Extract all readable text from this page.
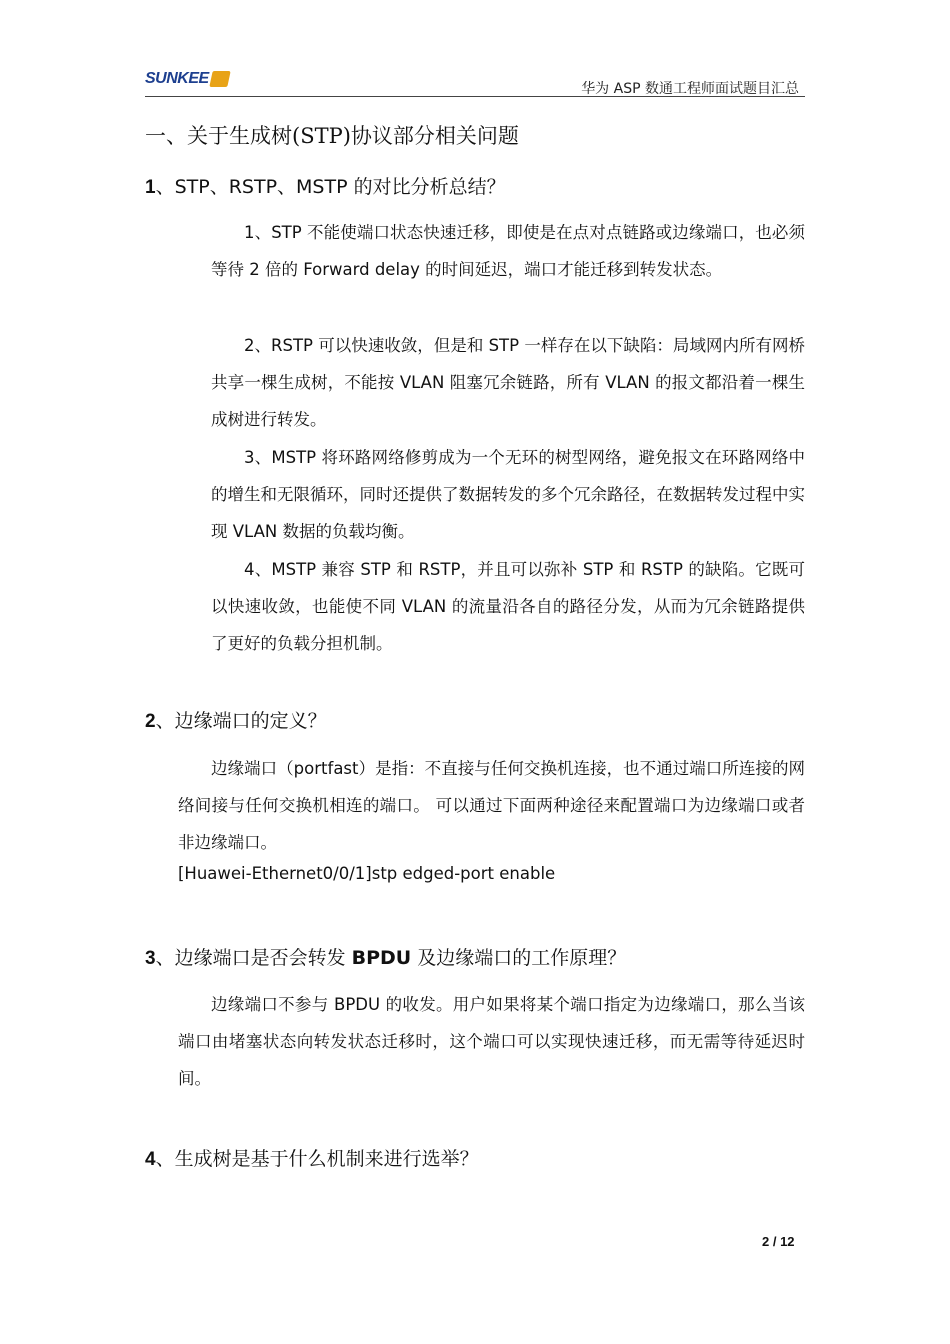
SUNKEE
华为 ASP 数通工程师面试题目汇总
一、关于生成树(STP)协议部分相关问题
1、STP、RSTP、MSTP 的对比分析总结？

1、STP 不能使端口状态快速迁移，即使是在点对点链路或边缘端口，也必须等待 2 倍的 Forward delay 的时间延迟，端口才能迁移到转发状态。

2、RSTP 可以快速收敛，但是和 STP 一样存在以下缺陷：局域网内所有网桥共享一棵生成树，不能按 VLAN 阻塞冗余链路，所有 VLAN 的报文都沿着一棵生成树进行转发。

3、MSTP 将环路网络修剪成为一个无环的树型网络，避免报文在环路网络中的增生和无限循环，同时还提供了数据转发的多个冗余路径，在数据转发过程中实现 VLAN 数据的负载均衡。

4、MSTP 兼容 STP 和 RSTP，并且可以弥补 STP 和 RSTP 的缺陷。它既可以快速收敛，也能使不同 VLAN 的流量沿各自的路径分发，从而为冗余链路提供了更好的负载分担机制。

2、边缘端口的定义？

边缘端口（portfast）是指：不直接与任何交换机连接，也不通过端口所连接的网络间接与任何交换机相连的端口。 可以通过下面两种途径来配置端口为边缘端口或者非边缘端口。

[Huawei-Ethernet0/0/1]stp edged-port enable
3、边缘端口是否会转发 BPDU 及边缘端口的工作原理？

边缘端口不参与 BPDU 的收发。用户如果将某个端口指定为边缘端口，那么当该端口由堵塞状态向转发状态迁移时，这个端口可以实现快速迁移，而无需等待延迟时间。

4、生成树是基于什么机制来进行选举？
2 / 12
